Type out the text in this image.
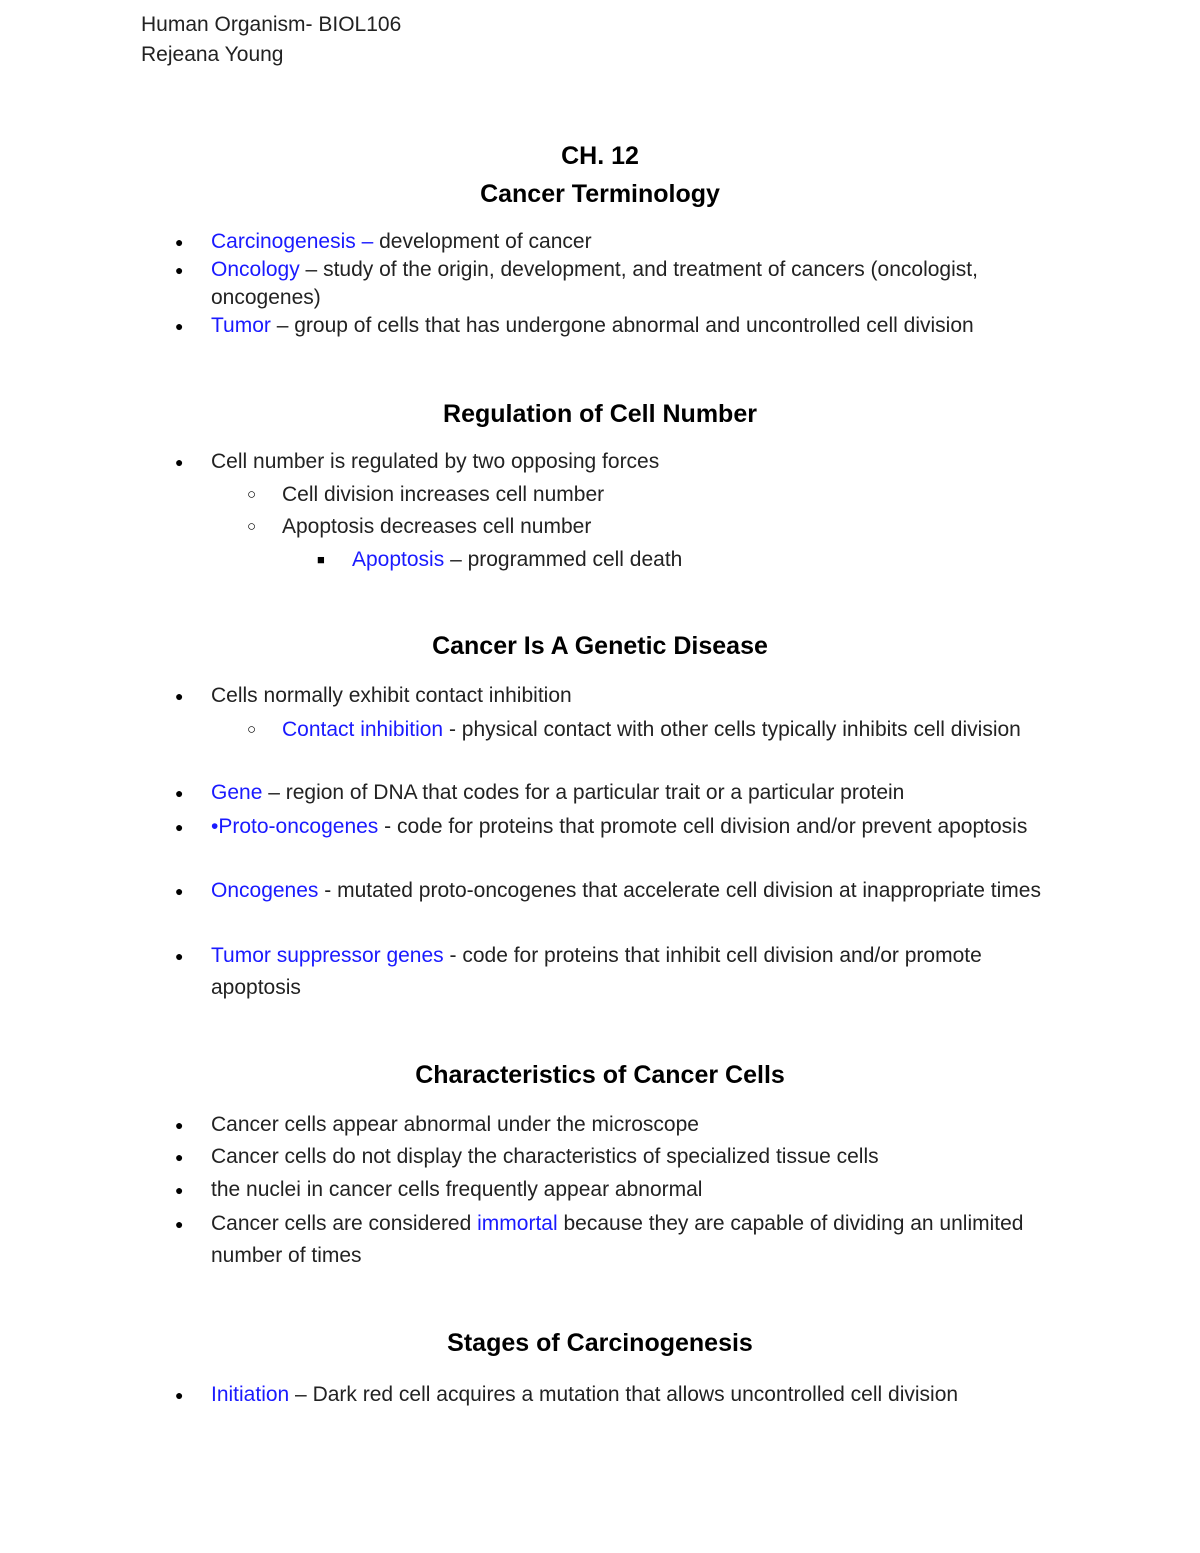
Human Organism- BIOL106
Rejeana Young
CH. 12
Cancer Terminology
● Carcinogenesis – development of cancer
● Oncology – study of the origin, development, and treatment of cancers (oncologist, oncogenes)
● Tumor – group of cells that has undergone abnormal and uncontrolled cell division
Regulation of Cell Number
● Cell number is regulated by two opposing forces
○ Cell division increases cell number
○ Apoptosis decreases cell number
■ Apoptosis – programmed cell death
Cancer Is A Genetic Disease
● Cells normally exhibit contact inhibition
○ Contact inhibition - physical contact with other cells typically inhibits cell division
● Gene – region of DNA that codes for a particular trait or a particular protein
● •Proto-oncogenes - code for proteins that promote cell division and/or prevent apoptosis
● Oncogenes - mutated proto-oncogenes that accelerate cell division at inappropriate times
● Tumor suppressor genes - code for proteins that inhibit cell division and/or promote apoptosis
Characteristics of Cancer Cells
● Cancer cells appear abnormal under the microscope
● Cancer cells do not display the characteristics of specialized tissue cells
● the nuclei in cancer cells frequently appear abnormal
● Cancer cells are considered immortal because they are capable of dividing an unlimited number of times
Stages of Carcinogenesis
● Initiation – Dark red cell acquires a mutation that allows uncontrolled cell division
